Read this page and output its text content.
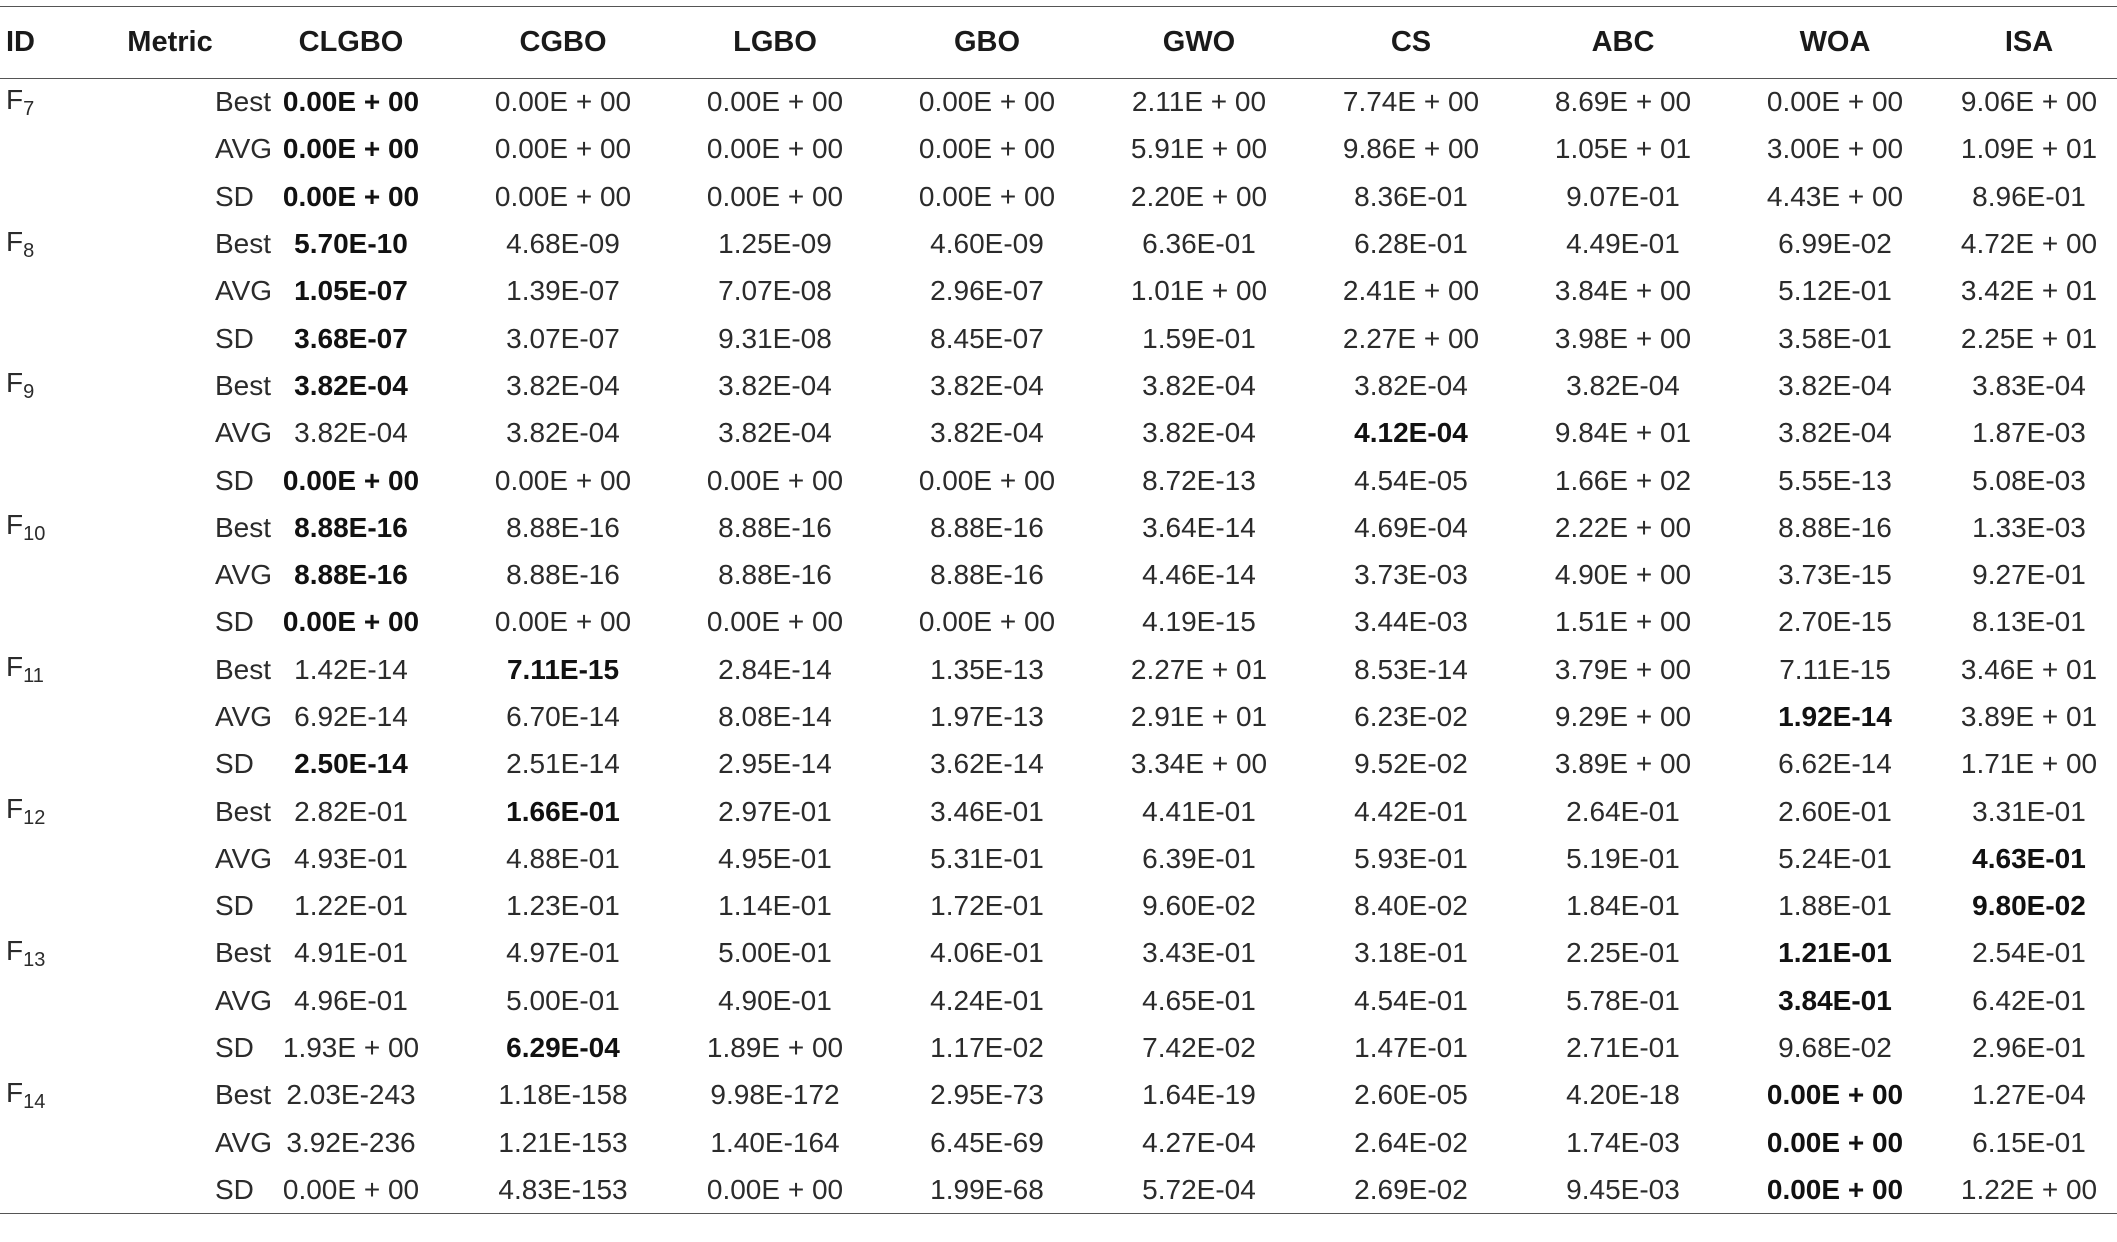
ID	Metric	CLGBO	CGBO	LGBO	GBO	GWO	CS	ABC	WOA	ISA
$F_7$	Best	0.00E + 00	0.00E + 00	0.00E + 00	0.00E + 00	2.11E + 00	7.74E + 00	8.69E + 00	0.00E + 00	9.06E + 00
	AVG	0.00E + 00	0.00E + 00	0.00E + 00	0.00E + 00	5.91E + 00	9.86E + 00	1.05E + 01	3.00E + 00	1.09E + 01
	SD	0.00E + 00	0.00E + 00	0.00E + 00	0.00E + 00	2.20E + 00	8.36E-01	9.07E-01	4.43E + 00	8.96E-01
$F_8$	Best	5.70E-10	4.68E-09	1.25E-09	4.60E-09	6.36E-01	6.28E-01	4.49E-01	6.99E-02	4.72E + 00
	AVG	1.05E-07	1.39E-07	7.07E-08	2.96E-07	1.01E + 00	2.41E + 00	3.84E + 00	5.12E-01	3.42E + 01
	SD	3.68E-07	3.07E-07	9.31E-08	8.45E-07	1.59E-01	2.27E + 00	3.98E + 00	3.58E-01	2.25E + 01
$F_9$	Best	3.82E-04	3.82E-04	3.82E-04	3.82E-04	3.82E-04	3.82E-04	3.82E-04	3.82E-04	3.83E-04
	AVG	3.82E-04	3.82E-04	3.82E-04	3.82E-04	3.82E-04	4.12E-04	9.84E + 01	3.82E-04	1.87E-03
	SD	0.00E + 00	0.00E + 00	0.00E + 00	0.00E + 00	8.72E-13	4.54E-05	1.66E + 02	5.55E-13	5.08E-03
$F_{10}$	Best	8.88E-16	8.88E-16	8.88E-16	8.88E-16	3.64E-14	4.69E-04	2.22E + 00	8.88E-16	1.33E-03
	AVG	8.88E-16	8.88E-16	8.88E-16	8.88E-16	4.46E-14	3.73E-03	4.90E + 00	3.73E-15	9.27E-01
	SD	0.00E + 00	0.00E + 00	0.00E + 00	0.00E + 00	4.19E-15	3.44E-03	1.51E + 00	2.70E-15	8.13E-01
$F_{11}$	Best	1.42E-14	7.11E-15	2.84E-14	1.35E-13	2.27E + 01	8.53E-14	3.79E + 00	7.11E-15	3.46E + 01
	AVG	6.92E-14	6.70E-14	8.08E-14	1.97E-13	2.91E + 01	6.23E-02	9.29E + 00	1.92E-14	3.89E + 01
	SD	2.50E-14	2.51E-14	2.95E-14	3.62E-14	3.34E + 00	9.52E-02	3.89E + 00	6.62E-14	1.71E + 00
$F_{12}$	Best	2.82E-01	1.66E-01	2.97E-01	3.46E-01	4.41E-01	4.42E-01	2.64E-01	2.60E-01	3.31E-01
	AVG	4.93E-01	4.88E-01	4.95E-01	5.31E-01	6.39E-01	5.93E-01	5.19E-01	5.24E-01	4.63E-01
	SD	1.22E-01	1.23E-01	1.14E-01	1.72E-01	9.60E-02	8.40E-02	1.84E-01	1.88E-01	9.80E-02
$F_{13}$	Best	4.91E-01	4.97E-01	5.00E-01	4.06E-01	3.43E-01	3.18E-01	2.25E-01	1.21E-01	2.54E-01
	AVG	4.96E-01	5.00E-01	4.90E-01	4.24E-01	4.65E-01	4.54E-01	5.78E-01	3.84E-01	6.42E-01
	SD	1.93E + 00	6.29E-04	1.89E + 00	1.17E-02	7.42E-02	1.47E-01	2.71E-01	9.68E-02	2.96E-01
$F_{14}$	Best	2.03E-243	1.18E-158	9.98E-172	2.95E-73	1.64E-19	2.60E-05	4.20E-18	0.00E + 00	1.27E-04
	AVG	3.92E-236	1.21E-153	1.40E-164	6.45E-69	4.27E-04	2.64E-02	1.74E-03	0.00E + 00	6.15E-01
	SD	0.00E + 00	4.83E-153	0.00E + 00	1.99E-68	5.72E-04	2.69E-02	9.45E-03	0.00E + 00	1.22E + 00
